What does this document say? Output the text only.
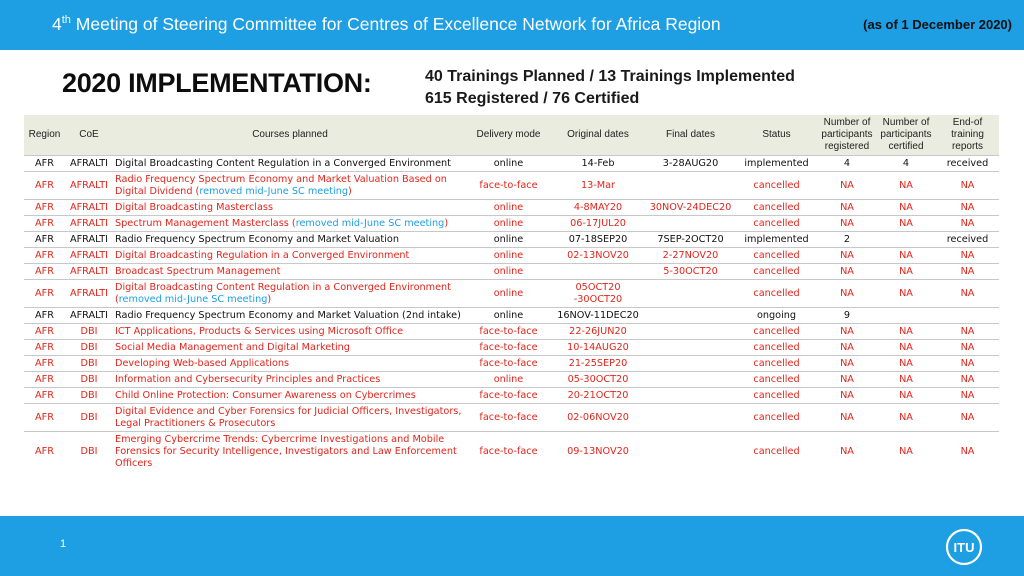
4th Meeting of Steering Committee for Centres of Excellence Network for Africa Region	(as of 1 December 2020)
2020 IMPLEMENTATION:	40 Trainings Planned / 13 Trainings Implemented
615 Registered / 76 Certified
Region	CoE	Courses planned	Delivery mode	Original dates	Final dates	Status	Number of participants registered	Number of participants certified	End-of training reports
AFR	AFRALTI	Digital Broadcasting Content Regulation in a Converged Environment	online	14-Feb	3-28AUG20	implemented	4	4	received
AFR	AFRALTI	Radio Frequency Spectrum Economy and Market Valuation Based on Digital Dividend (removed mid-June SC meeting)	face-to-face	13-Mar		cancelled	NA	NA	NA
AFR	AFRALTI	Digital Broadcasting Masterclass	online	4-8MAY20	30NOV-24DEC20	cancelled	NA	NA	NA
AFR	AFRALTI	Spectrum Management Masterclass (removed mid-June SC meeting)	online	06-17JUL20		cancelled	NA	NA	NA
AFR	AFRALTI	Radio Frequency Spectrum Economy and Market Valuation	online	07-18SEP20	7SEP-2OCT20	implemented	2		received
AFR	AFRALTI	Digital Broadcasting Regulation in a Converged Environment	online	02-13NOV20	2-27NOV20	cancelled	NA	NA	NA
AFR	AFRALTI	Broadcast Spectrum Management	online		5-30OCT20	cancelled	NA	NA	NA
AFR	AFRALTI	Digital Broadcasting Content Regulation in a Converged Environment (removed mid-June SC meeting)	online	05OCT20 -30OCT20		cancelled	NA	NA	NA
AFR	AFRALTI	Radio Frequency Spectrum Economy and Market Valuation (2nd intake)	online	16NOV-11DEC20		ongoing	9		
AFR	DBI	ICT Applications, Products & Services using Microsoft Office	face-to-face	22-26JUN20		cancelled	NA	NA	NA
AFR	DBI	Social Media Management and Digital Marketing	face-to-face	10-14AUG20		cancelled	NA	NA	NA
AFR	DBI	Developing Web-based Applications	face-to-face	21-25SEP20		cancelled	NA	NA	NA
AFR	DBI	Information and Cybersecurity Principles and Practices	online	05-30OCT20		cancelled	NA	NA	NA
AFR	DBI	Child Online Protection: Consumer Awareness on Cybercrimes	face-to-face	20-21OCT20		cancelled	NA	NA	NA
AFR	DBI	Digital Evidence and Cyber Forensics for Judicial Officers, Investigators, Legal Practitioners & Prosecutors	face-to-face	02-06NOV20		cancelled	NA	NA	NA
AFR	DBI	Emerging Cybercrime Trends: Cybercrime Investigations and Mobile Forensics for Security Intelligence, Investigators and Law Enforcement Officers	face-to-face	09-13NOV20		cancelled	NA	NA	NA
1	ITU
